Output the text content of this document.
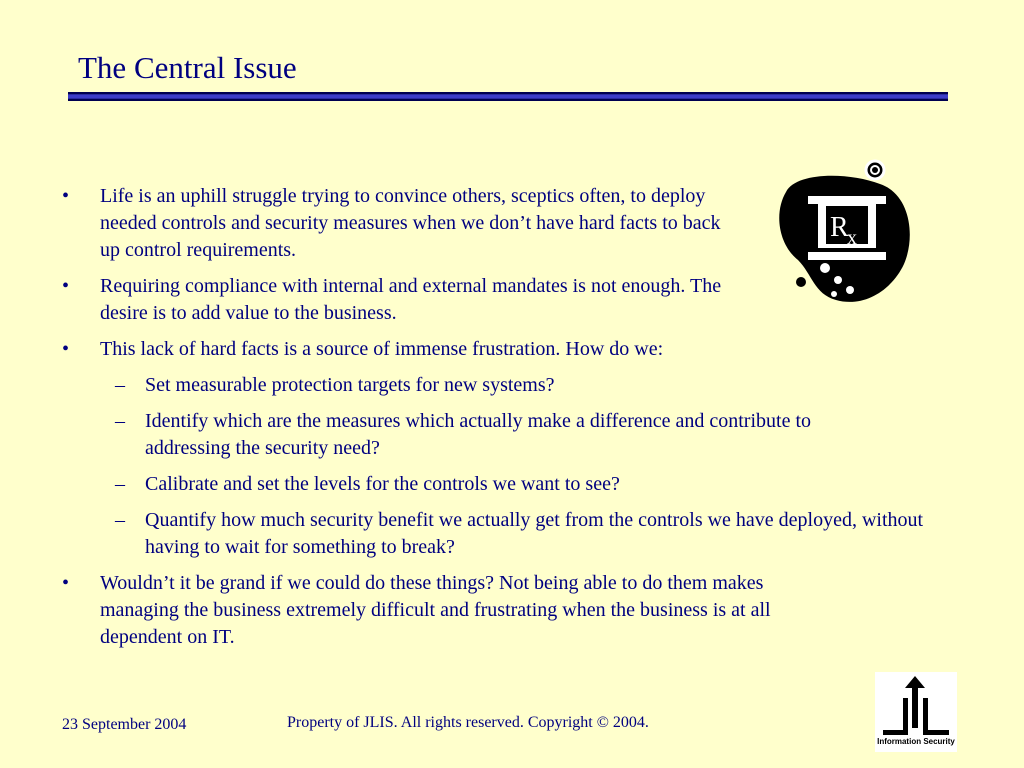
The Central Issue
• Life is an uphill struggle trying to convince others, sceptics often, to deploy needed controls and security measures when we don’t have hard facts to back up control requirements.
• Requiring compliance with internal and external mandates is not enough. The desire is to add value to the business.
• This lack of hard facts is a source of immense frustration. How do we:
– Set measurable protection targets for new systems?
– Identify which are the measures which actually make a difference and contribute to addressing the security need?
– Calibrate and set the levels for the controls we want to see?
– Quantify how much security benefit we actually get from the controls we have deployed, without having to wait for something to break?
• Wouldn’t it be grand if we could do these things? Not being able to do them makes managing the business extremely difficult and frustrating when the business is at all dependent on IT.
R
x
23 September 2004	Property of JLIS. All rights reserved. Copyright © 2004.
Information Security
